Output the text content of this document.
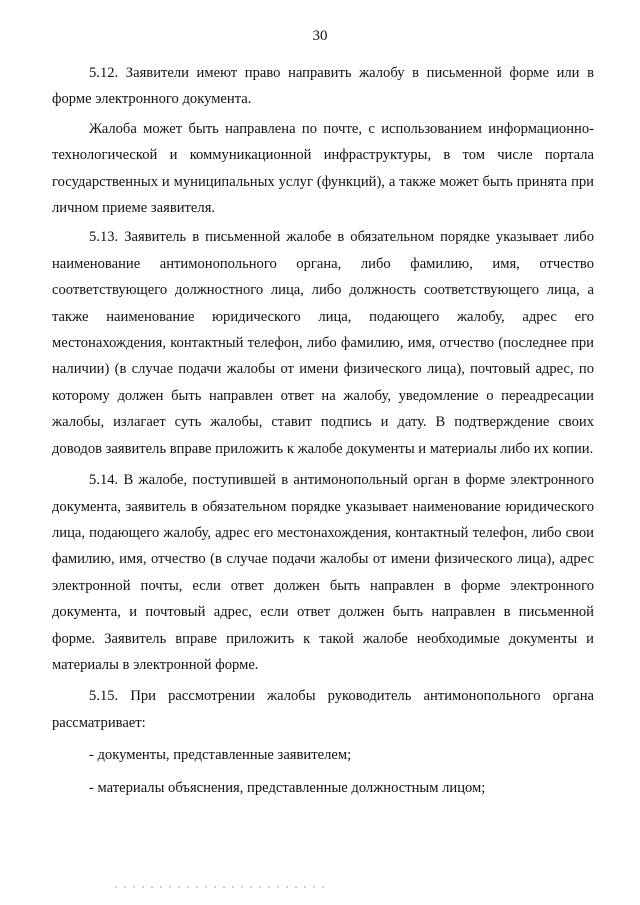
30

5.12. Заявители имеют право направить жалобу в письменной форме или в форме электронного документа.

Жалоба может быть направлена по почте, с использованием информационно-технологической и коммуникационной инфраструктуры, в том числе портала государственных и муниципальных услуг (функций), а также может быть принята при личном приеме заявителя.

5.13. Заявитель в письменной жалобе в обязательном порядке указывает либо наименование антимонопольного органа, либо фамилию, имя, отчество соответствующего должностного лица, либо должность соответствующего лица, а также наименование юридического лица, подающего жалобу, адрес его местонахождения, контактный телефон, либо фамилию, имя, отчество (последнее при наличии) (в случае подачи жалобы от имени физического лица), почтовый адрес, по которому должен быть направлен ответ на жалобу, уведомление о переадресации жалобы, излагает суть жалобы, ставит подпись и дату. В подтверждение своих доводов заявитель вправе приложить к жалобе документы и материалы либо их копии.

5.14. В жалобе, поступившей в антимонопольный орган в форме электронного документа, заявитель в обязательном порядке указывает наименование юридического лица, подающего жалобу, адрес его местонахождения, контактный телефон, либо свои фамилию, имя, отчество (в случае подачи жалобы от имени физического лица), адрес электронной почты, если ответ должен быть направлен в форме электронного документа, и почтовый адрес, если ответ должен быть направлен в письменной форме. Заявитель вправе приложить к такой жалобе необходимые документы и материалы в электронной форме.

5.15. При рассмотрении жалобы руководитель антимонопольного органа рассматривает:

- документы, представленные заявителем;

- материалы объяснения, представленные должностным лицом;
